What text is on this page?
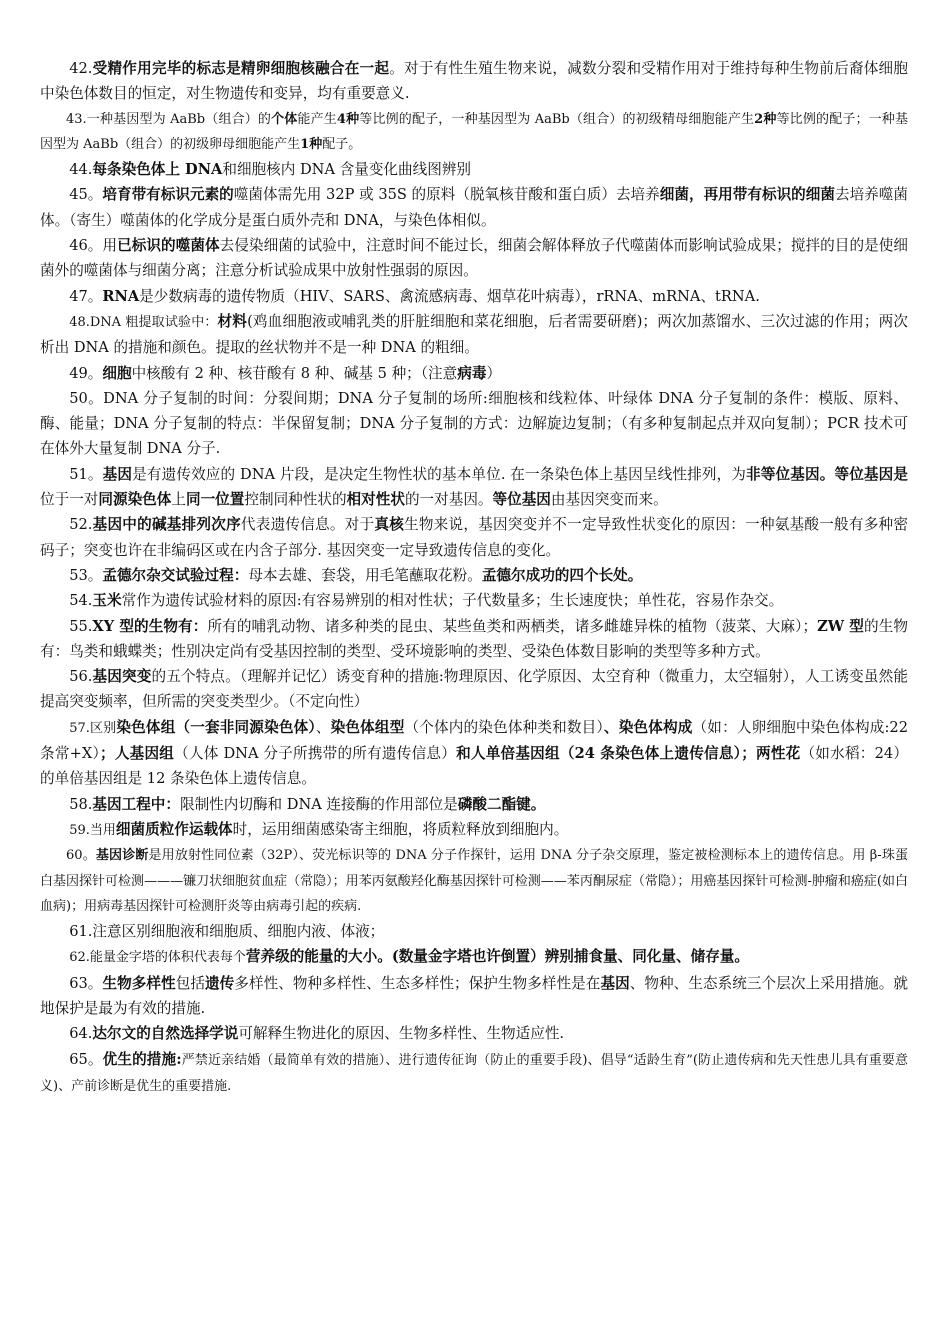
42.受精作用完毕的标志是精卵细胞核融合在一起。对于有性生殖生物来说，减数分裂和受精作用对于维持每种生物前后裔体细胞中染色体数目的恒定，对生物遗传和变异，均有重要意义.

43.一种基因型为 AaBb（组合）的个体能产生4种等比例的配子，一种基因型为 AaBb（组合）的初级精母细胞能产生2种等比例的配子；一种基因型为 AaBb（组合）的初级卵母细胞能产生1种配子。

44.每条染色体上 DNA和细胞核内 DNA 含量变化曲线图辨别

45。培育带有标识元素的噬菌体需先用 32P 或 35S 的原料（脱氧核苷酸和蛋白质）去培养细菌，再用带有标识的细菌去培养噬菌体。（寄生）噬菌体的化学成分是蛋白质外壳和 DNA，与染色体相似。

46。用已标识的噬菌体去侵染细菌的试验中，注意时间不能过长，细菌会解体释放子代噬菌体而影响试验成果；搅拌的目的是使细菌外的噬菌体与细菌分离；注意分析试验成果中放射性强弱的原因。

47。RNA是少数病毒的遗传物质（HIV、SARS、禽流感病毒、烟草花叶病毒），rRNA、mRNA、tRNA.

48.DNA 粗提取试验中：材料(鸡血细胞液或哺乳类的肝脏细胞和菜花细胞，后者需要研磨)；两次加蒸馏水、三次过滤的作用；两次析出 DNA 的措施和颜色。提取的丝状物并不是一种 DNA 的粗细。

49。细胞中核酸有 2 种、核苷酸有 8 种、碱基 5 种；（注意病毒）

50。DNA 分子复制的时间：分裂间期；DNA 分子复制的场所:细胞核和线粒体、叶绿体 DNA 分子复制的条件：模版、原料、酶、能量；DNA 分子复制的特点：半保留复制；DNA 分子复制的方式：边解旋边复制；（有多种复制起点并双向复制）；PCR 技术可在体外大量复制 DNA 分子.

51。基因是有遗传效应的 DNA 片段，是决定生物性状的基本单位. 在一条染色体上基因呈线性排列，为非等位基因。等位基因是位于一对同源染色体上同一位置控制同种性状的相对性状的一对基因。等位基因由基因突变而来。

52.基因中的碱基排列次序代表遗传信息。对于真核生物来说，基因突变并不一定导致性状变化的原因：一种氨基酸一般有多种密码子；突变也许在非编码区或在内含子部分. 基因突变一定导致遗传信息的变化。

53。孟德尔杂交试验过程：母本去雄、套袋，用毛笔蘸取花粉。孟德尔成功的四个长处。

54.玉米常作为遗传试验材料的原因:有容易辨别的相对性状；子代数量多；生长速度快；单性花，容易作杂交。

55.XY 型的生物有：所有的哺乳动物、诸多种类的昆虫、某些鱼类和两栖类，诸多雌雄异株的植物（菠菜、大麻）；ZW 型的生物有：鸟类和蛾蝶类；性别决定尚有受基因控制的类型、受环境影响的类型、受染色体数目影响的类型等多种方式。

56.基因突变的五个特点。（理解并记忆）诱变育种的措施:物理原因、化学原因、太空育种（微重力，太空辐射），人工诱变虽然能提高突变频率，但所需的突变类型少。（不定向性）

57.区别染色体组（一套非同源染色体）、染色体组型（个体内的染色体种类和数目）、染色体构成（如：人卵细胞中染色体构成:22 条常+X）；人基因组（人体 DNA 分子所携带的所有遗传信息）和人单倍基因组（24 条染色体上遗传信息）；两性花（如水稻：24）的单倍基因组是 12 条染色体上遗传信息。

58.基因工程中：限制性内切酶和 DNA 连接酶的作用部位是磷酸二酯键。

59.当用细菌质粒作运载体时，运用细菌感染寄主细胞，将质粒释放到细胞内。

60。基因诊断是用放射性同位素（32P）、荧光标识等的 DNA 分子作探针，运用 DNA 分子杂交原理，鉴定被检测标本上的遗传信息。用 β-珠蛋白基因探针可检测———镰刀状细胞贫血症（常隐）；用苯丙氨酸羟化酶基因探针可检测——苯丙酮尿症（常隐）；用癌基因探针可检测-肿瘤和癌症(如白血病)；用病毒基因探针可检测肝炎等由病毒引起的疾病.

61.注意区别细胞液和细胞质、细胞内液、体液；

62.能量金字塔的体积代表每个营养级的能量的大小。(数量金字塔也许倒置）辨别捕食量、同化量、储存量。

63。生物多样性包括遗传多样性、物种多样性、生态多样性；保护生物多样性是在基因、物种、生态系统三个层次上采用措施。就地保护是最为有效的措施.

64.达尔文的自然选择学说可解释生物进化的原因、生物多样性、生物适应性.

65。优生的措施:严禁近亲结婚（最简单有效的措施）、进行遗传征询（防止的重要手段)、倡导“适龄生育”(防止遗传病和先天性患儿具有重要意义)、产前诊断是优生的重要措施.
